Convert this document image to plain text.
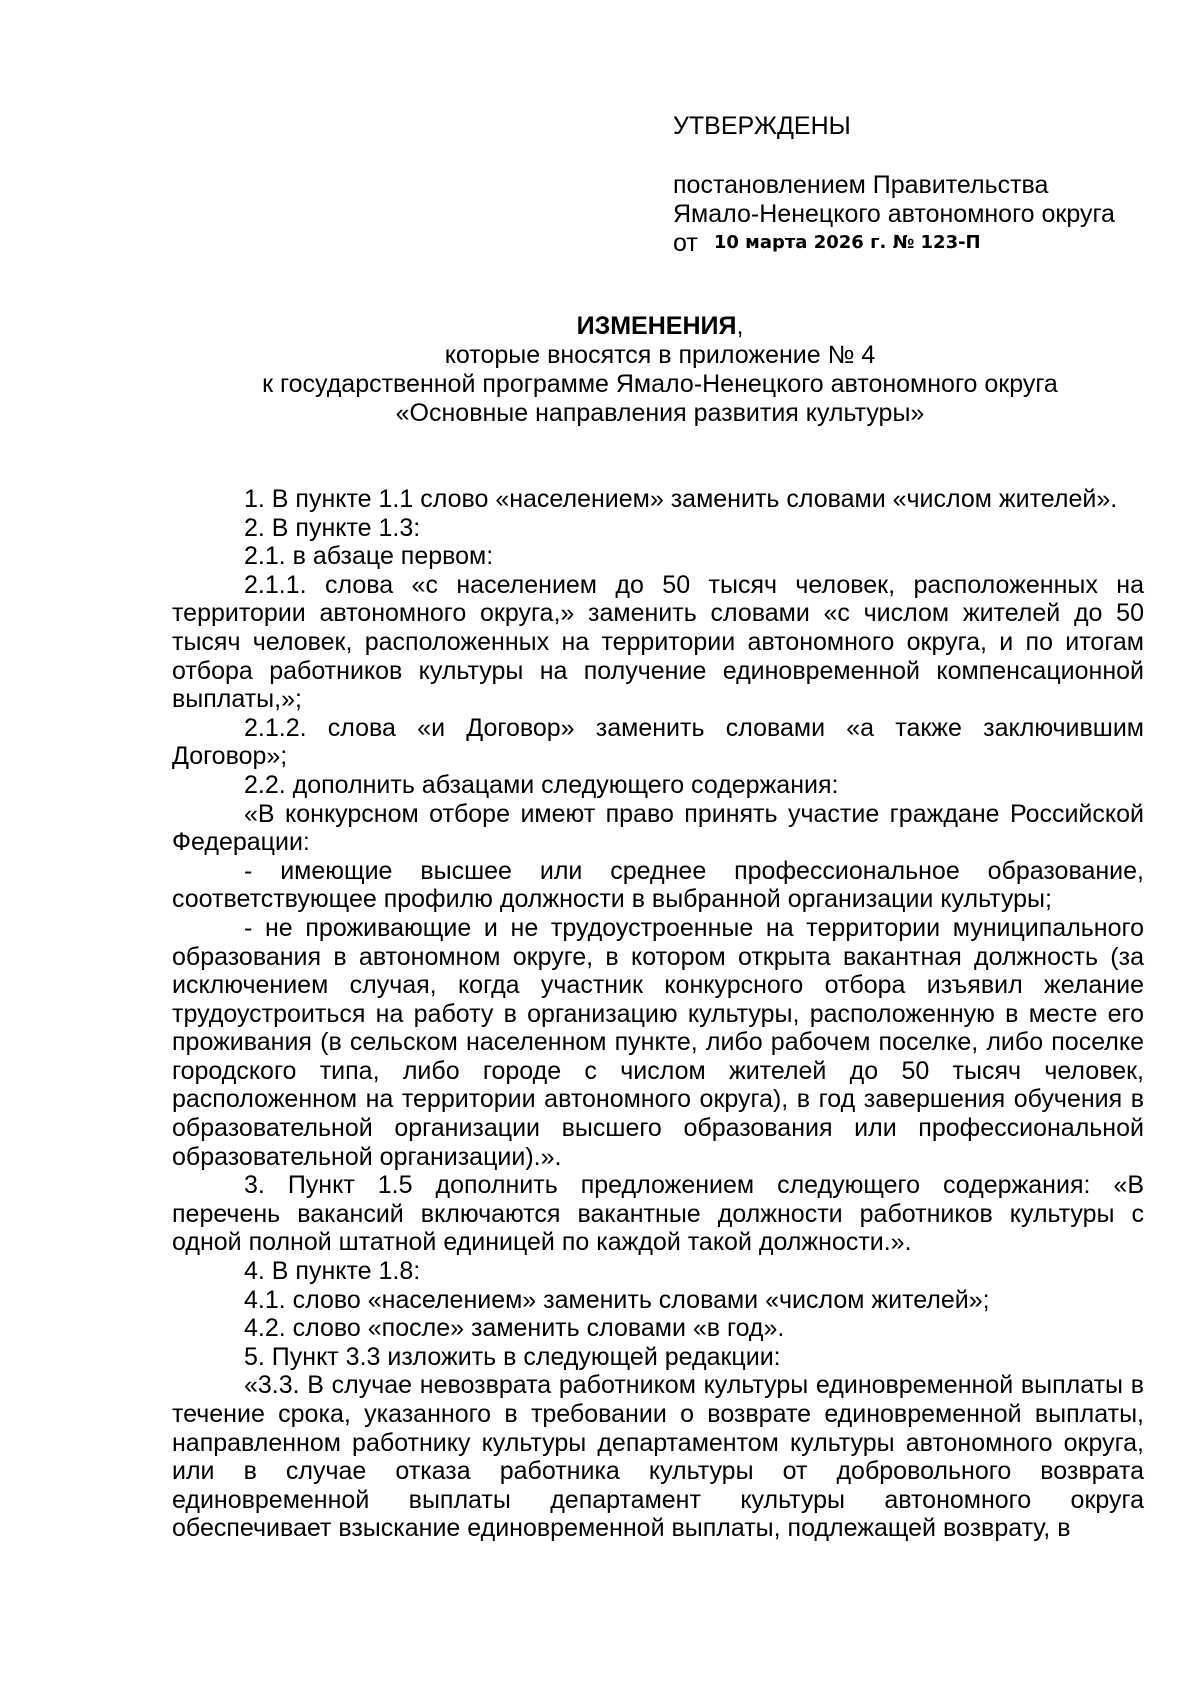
УТВЕРЖДЕНЫ
постановлением Правительства
Ямало-Ненецкого автономного округа
от 10 марта 2026 г. № 123-П
ИЗМЕНЕНИЯ,
которые вносятся в приложение № 4
к государственной программе Ямало-Ненецкого автономного округа
«Основные направления развития культуры»

1. В пункте 1.1 слово «населением» заменить словами «числом жителей».

2. В пункте 1.3:

2.1. в абзаце первом:

2.1.1. слова «с населением до 50 тысяч человек, расположенных на территории автономного округа,» заменить словами «с числом жителей до 50 тысяч человек, расположенных на территории автономного округа, и по итогам отбора работников культуры на получение единовременной компенсационной выплаты,»;

2.1.2. слова «и Договор» заменить словами «а также заключившим Договор»;

2.2. дополнить абзацами следующего содержания:

«В конкурсном отборе имеют право принять участие граждане Российской Федерации:

- имеющие высшее или среднее профессиональное образование, соответствующее профилю должности в выбранной организации культуры;

- не проживающие и не трудоустроенные на территории муниципального образования в автономном округе, в котором открыта вакантная должность (за исключением случая, когда участник конкурсного отбора изъявил желание трудоустроиться на работу в организацию культуры, расположенную в месте его проживания (в сельском населенном пункте, либо рабочем поселке, либо поселке городского типа, либо городе с числом жителей до 50 тысяч человек, расположенном на территории автономного округа), в год завершения обучения в образовательной организации высшего образования или профессиональной образовательной организации).».

3. Пункт 1.5 дополнить предложением следующего содержания: «В перечень вакансий включаются вакантные должности работников культуры с одной полной штатной единицей по каждой такой должности.».

4. В пункте 1.8:

4.1. слово «населением» заменить словами «числом жителей»;

4.2. слово «после» заменить словами «в год».

5. Пункт 3.3 изложить в следующей редакции:

«3.3. В случае невозврата работником культуры единовременной выплаты в течение срока, указанного в требовании о возврате единовременной выплаты, направленном работнику культуры департаментом культуры автономного округа, или в случае отказа работника культуры от добровольного возврата единовременной выплаты департамент культуры автономного округа обеспечивает взыскание единовременной выплаты, подлежащей возврату, в
